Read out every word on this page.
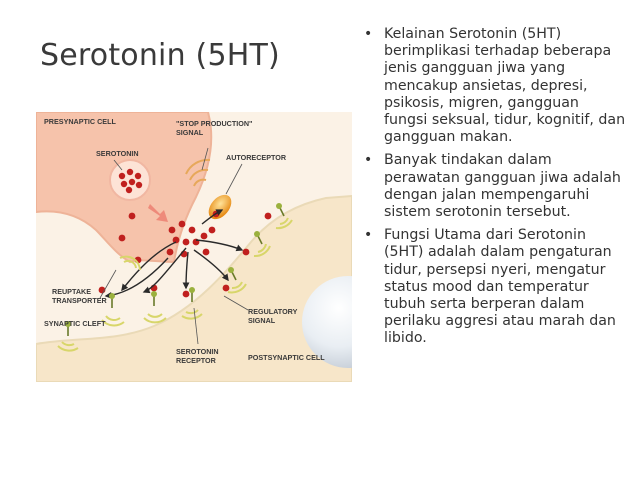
Serotonin (5HT)
PRESYNAPTIC CELL	"STOP PRODUCTION"
SIGNAL
SEROTONIN	AUTORECEPTOR
REUPTAKE
TRANSPORTER
SYNAPTIC CLEFT
REGULATORY
SIGNAL
SEROTONIN
RECEPTOR	POSTSYNAPTIC CELL
• Kelainan Serotonin (5HT) berimplikasi terhadap beberapa jenis gangguan jiwa yang mencakup ansietas, depresi, psikosis, migren, gangguan fungsi seksual, tidur, kognitif, dan gangguan makan.
• Banyak tindakan dalam perawatan gangguan jiwa adalah dengan jalan mempengaruhi sistem serotonin tersebut.
• Fungsi Utama dari Serotonin (5HT) adalah dalam pengaturan tidur, persepsi nyeri, mengatur status mood dan temperatur tubuh serta berperan dalam perilaku aggresi atau marah dan libido.
